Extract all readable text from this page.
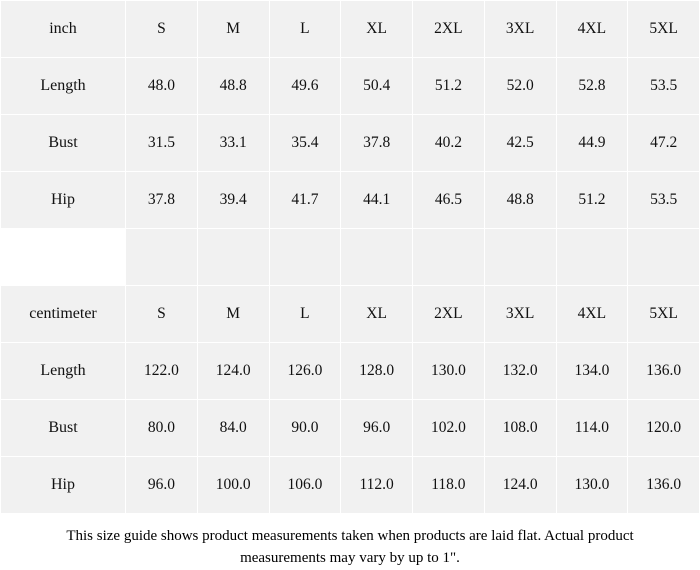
inch	S	M	L	XL	2XL	3XL	4XL	5XL
Length	48.0	48.8	49.6	50.4	51.2	52.0	52.8	53.5
Bust	31.5	33.1	35.4	37.8	40.2	42.5	44.9	47.2
Hip	37.8	39.4	41.7	44.1	46.5	48.8	51.2	53.5

centimeter	S	M	L	XL	2XL	3XL	4XL	5XL
Length	122.0	124.0	126.0	128.0	130.0	132.0	134.0	136.0
Bust	80.0	84.0	90.0	96.0	102.0	108.0	114.0	120.0
Hip	96.0	100.0	106.0	112.0	118.0	124.0	130.0	136.0
This size guide shows product measurements taken when products are laid flat. Actual product measurements may vary by up to 1".
